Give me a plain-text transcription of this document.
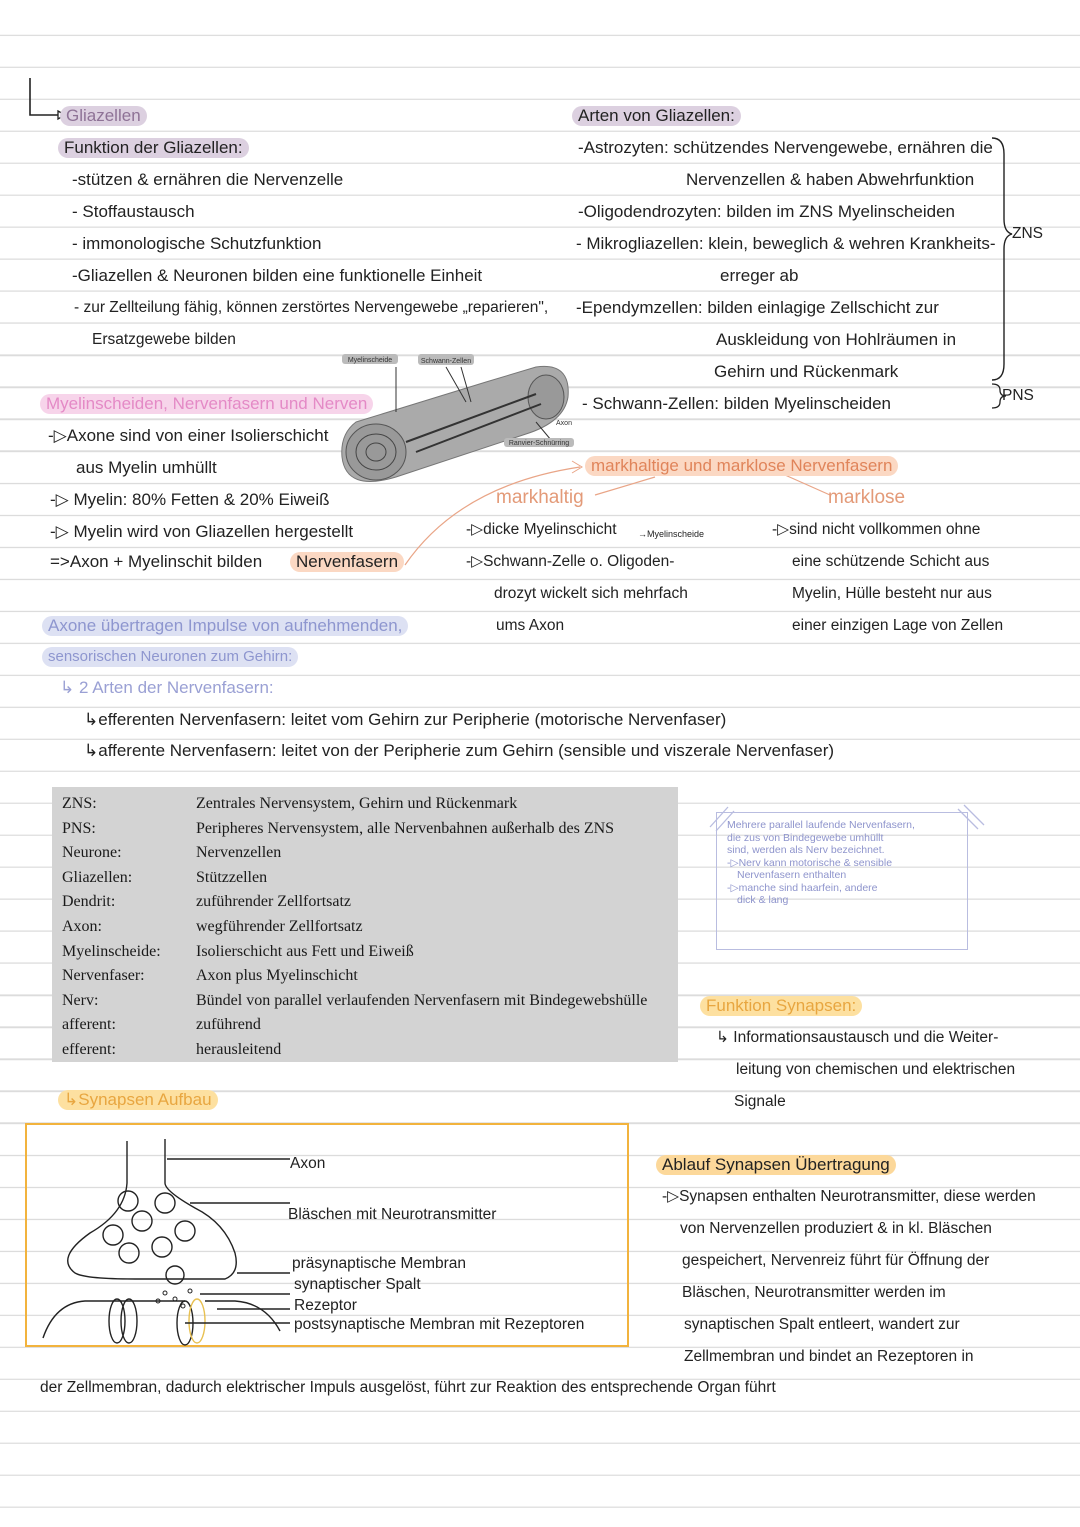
Gliazellen
Funktion der Gliazellen:
-stützen & ernähren die Nervenzelle
- Stoffaustausch
- immonologische Schutzfunktion
-Gliazellen & Neuronen bilden eine funktionelle Einheit
- zur Zellteilung fähig, können zerstörtes Nervengewebe „reparieren",
Ersatzgewebe bilden
Arten von Gliazellen:
-Astrozyten: schützendes Nervengewebe, ernähren die
Nervenzellen & haben Abwehrfunktion
-Oligodendrozyten: bilden im ZNS Myelinscheiden
- Mikrogliazellen: klein, beweglich & wehren Krankheits-
erreger ab
-Ependymzellen: bilden einlagige Zellschicht zur
Auskleidung von Hohlräumen in
Gehirn und Rückenmark
- Schwann-Zellen: bilden Myelinscheiden
ZNS
PNS
Myelinscheide	Schwann-Zellen
Axon
Ranvier-Schnürring
Myelinscheiden, Nervenfasern und Nerven
-▷Axone sind von einer Isolierschicht
aus Myelin umhüllt
-▷ Myelin: 80% Fetten & 20% Eiweiß
-▷ Myelin wird von Gliazellen hergestellt
=>Axon + Myelinschit bilden	Nervenfasern
markhaltige und marklose Nervenfasern
markhaltig	marklose
-▷dicke Myelinschicht →Myelinscheide
-▷Schwann-Zelle o. Oligoden-
drozyt wickelt sich mehrfach
ums Axon
-▷sind nicht vollkommen ohne
eine schützende Schicht aus
Myelin, Hülle besteht nur aus
einer einzigen Lage von Zellen
Axone übertragen Impulse von aufnehmenden,
sensorischen Neuronen zum Gehirn:
↳ 2 Arten der Nervenfasern:
↳efferenten Nervenfasern: leitet vom Gehirn zur Peripherie (motorische Nervenfaser)
↳afferente Nervenfasern: leitet von der Peripherie zum Gehirn (sensible und viszerale Nervenfaser)
ZNS:	Zentrales Nervensystem, Gehirn und Rückenmark
PNS:	Peripheres Nervensystem, alle Nervenbahnen außerhalb des ZNS
Neurone:	Nervenzellen
Gliazellen:	Stützzellen
Dendrit:	zuführender Zellfortsatz
Axon:	wegführender Zellfortsatz
Myelinscheide: Isolierschicht aus Fett und Eiweiß
Nervenfaser:	Axon plus Myelinschicht
Nerv:	Bündel von parallel verlaufenden Nervenfasern mit Bindegewebshülle
afferent:	zuführend
efferent:	herausleitend
Mehrere parallel laufende Nervenfasern,
die zus von Bindegewebe umhüllt
sind, werden als Nerv bezeichnet.
-▷Nerv kann motorische & sensible
Nervenfasern enthalten
-▷manche sind haarfein, andere
dick & lang
Funktion Synapsen:
↳ Informationsaustausch und die Weiter-
leitung von chemischen und elektrischen
Signale
↳Synapsen Aufbau
Axon
Bläschen mit Neurotransmitter
präsynaptische Membran
synaptischer Spalt
Rezeptor
postsynaptische Membran mit Rezeptoren
Ablauf Synapsen Übertragung
-▷Synapsen enthalten Neurotransmitter, diese werden
von Nervenzellen produziert & in kl. Bläschen
gespeichert, Nervenreiz führt für Öffnung der
Bläschen, Neurotransmitter werden im
synaptischen Spalt entleert, wandert zur
Zellmembran und bindet an Rezeptoren in
der Zellmembran, dadurch elektrischer Impuls ausgelöst, führt zur Reaktion des entsprechende Organ führt
